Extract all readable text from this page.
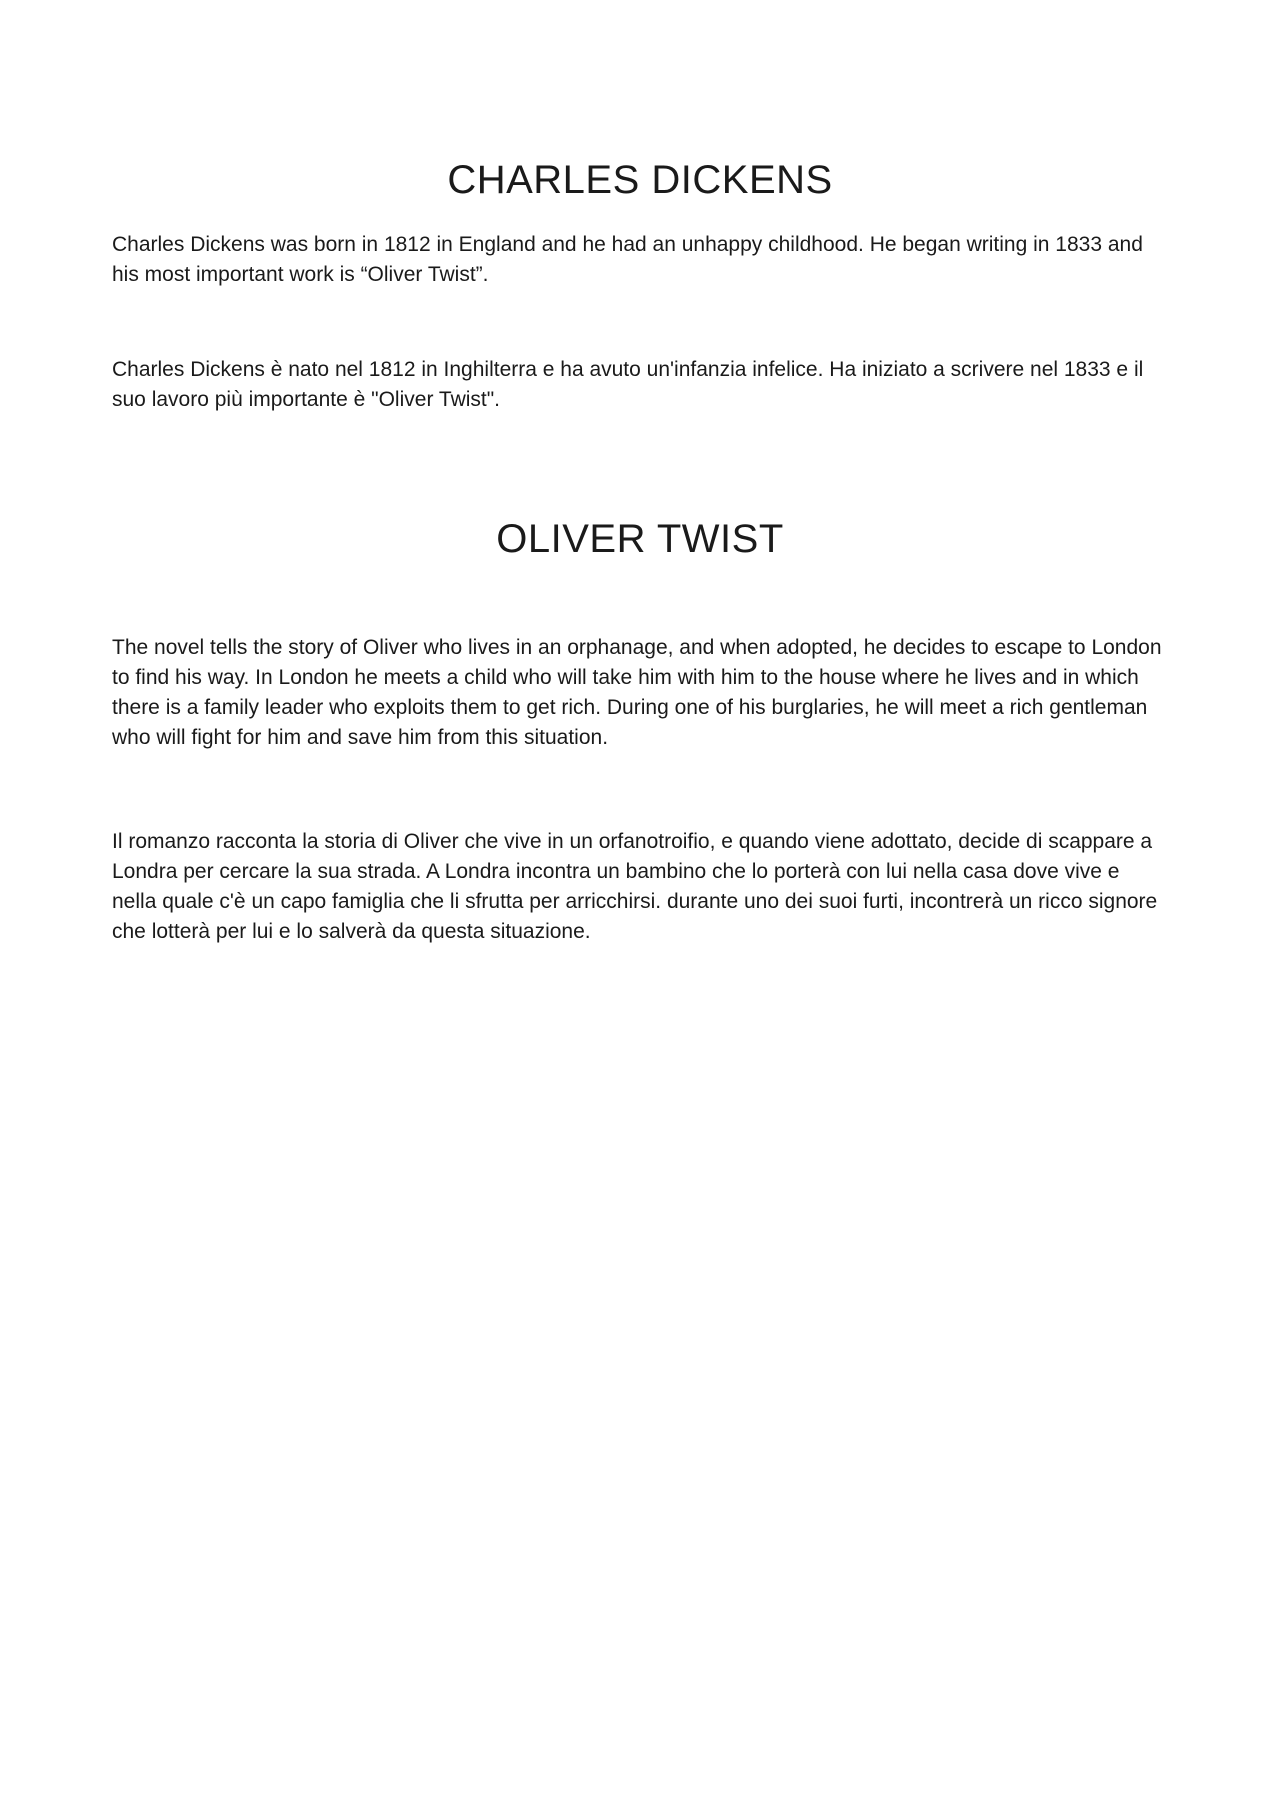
CHARLES DICKENS

Charles Dickens was born in 1812 in England and he had an unhappy childhood. He began writing in 1833 and his most important work is “Oliver Twist”.

Charles Dickens è nato nel 1812 in Inghilterra e ha avuto un'infanzia infelice. Ha iniziato a scrivere nel 1833 e il suo lavoro più importante è "Oliver Twist".

OLIVER TWIST

The novel tells the story of Oliver who lives in an orphanage, and when adopted, he decides to escape to London to find his way. In London he meets a child who will take him with him to the house where he lives and in which there is a family leader who exploits them to get rich. During one of his burglaries, he will meet a rich gentleman who will fight for him and save him from this situation.

Il romanzo racconta la storia di Oliver che vive in un orfanotroifio, e quando viene adottato, decide di scappare a Londra per cercare la sua strada. A Londra incontra un bambino che lo porterà con lui nella casa dove vive e nella quale c'è un capo famiglia che li sfrutta per arricchirsi. durante uno dei suoi furti, incontrerà un ricco signore che lotterà per lui e lo salverà da questa situazione.
